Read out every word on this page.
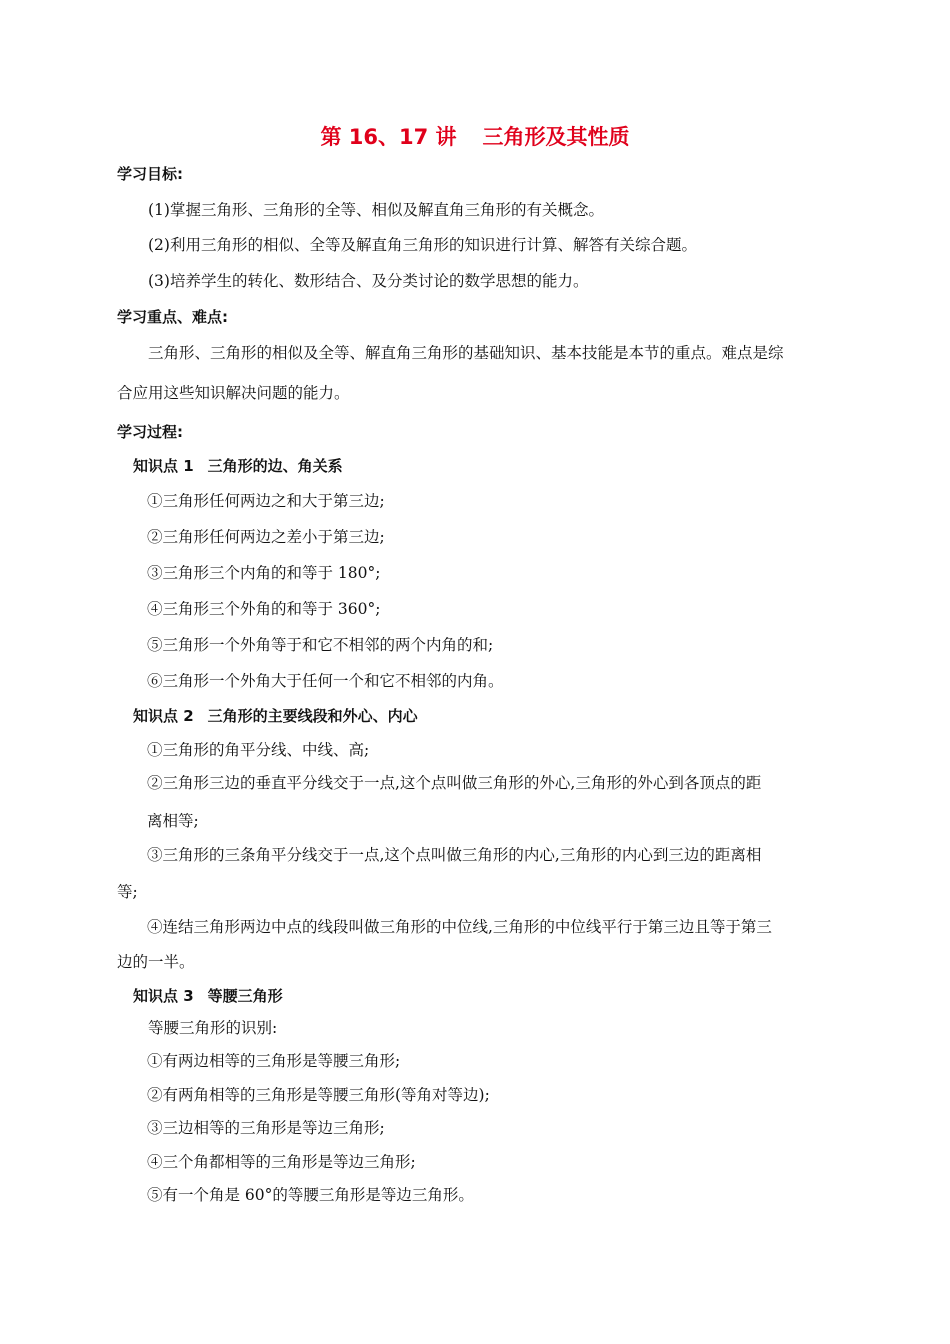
第 16、17 讲 三角形及其性质
学习目标:
(1)掌握三角形、三角形的全等、相似及解直角三角形的有关概念。
(2)利用三角形的相似、全等及解直角三角形的知识进行计算、解答有关综合题。
(3)培养学生的转化、数形结合、及分类讨论的数学思想的能力。
学习重点、难点:
三角形、三角形的相似及全等、解直角三角形的基础知识、基本技能是本节的重点。难点是综
合应用这些知识解决问题的能力。
学习过程:
知识点 1 三角形的边、角关系
①三角形任何两边之和大于第三边;
②三角形任何两边之差小于第三边;
③三角形三个内角的和等于 180°;
④三角形三个外角的和等于 360°;
⑤三角形一个外角等于和它不相邻的两个内角的和;
⑥三角形一个外角大于任何一个和它不相邻的内角。
知识点 2 三角形的主要线段和外心、内心
①三角形的角平分线、中线、高;
②三角形三边的垂直平分线交于一点,这个点叫做三角形的外心,三角形的外心到各顶点的距
离相等;
③三角形的三条角平分线交于一点,这个点叫做三角形的内心,三角形的内心到三边的距离相
等;
④连结三角形两边中点的线段叫做三角形的中位线,三角形的中位线平行于第三边且等于第三
边的一半。
知识点 3 等腰三角形
等腰三角形的识别:
①有两边相等的三角形是等腰三角形;
②有两角相等的三角形是等腰三角形(等角对等边);
③三边相等的三角形是等边三角形;
④三个角都相等的三角形是等边三角形;
⑤有一个角是 60°的等腰三角形是等边三角形。
